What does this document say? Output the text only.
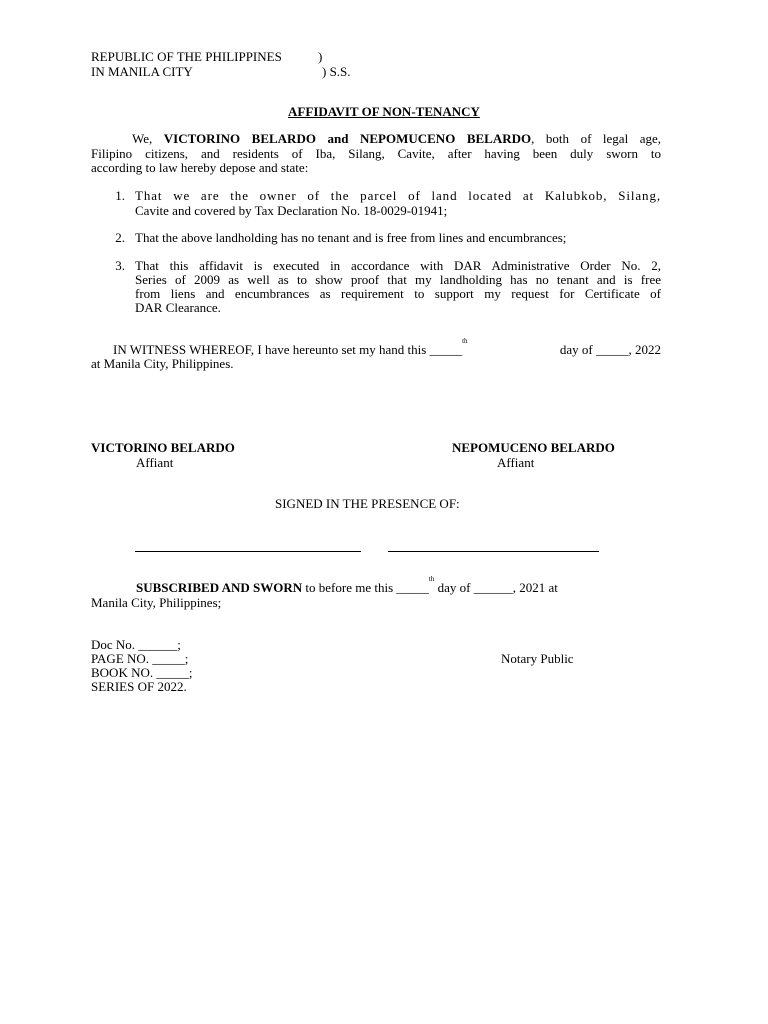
REPUBLIC OF THE PHILIPPINES	)
IN MANILA CITY	) S.S.
AFFIDAVIT OF NON-TENANCY
We, VICTORINO BELARDO and NEPOMUCENO BELARDO, both of legal age,
Filipino citizens, and residents of Iba, Silang, Cavite, after having been duly sworn to
according to law hereby depose and state:
1. That we are the owner of the parcel of land located at Kalubkob, Silang,
Cavite and covered by Tax Declaration No. 18-0029-01941;
2. That the above landholding has no tenant and is free from lines and encumbrances;
3. That this affidavit is executed in accordance with DAR Administrative Order No. 2,
Series of 2009 as well as to show proof that my landholding has no tenant and is free
from liens and encumbrances as requirement to support my request for Certificate of
DAR Clearance.
IN WITNESS WHEREOF, I have hereunto set my hand this _____$^{th}$
day of _____, 2022
at Manila City, Philippines.
VICTORINO BELARDO
Affiant
NEPOMUCENO BELARDO
Affiant
SIGNED IN THE PRESENCE OF:
SUBSCRIBED AND SWORN to before me this _____$^{th}$ day of ______, 2021 at
Manila City, Philippines;
Doc No. ______;
PAGE NO. _____;
BOOK NO. _____;
SERIES OF 2022.
Notary Public
